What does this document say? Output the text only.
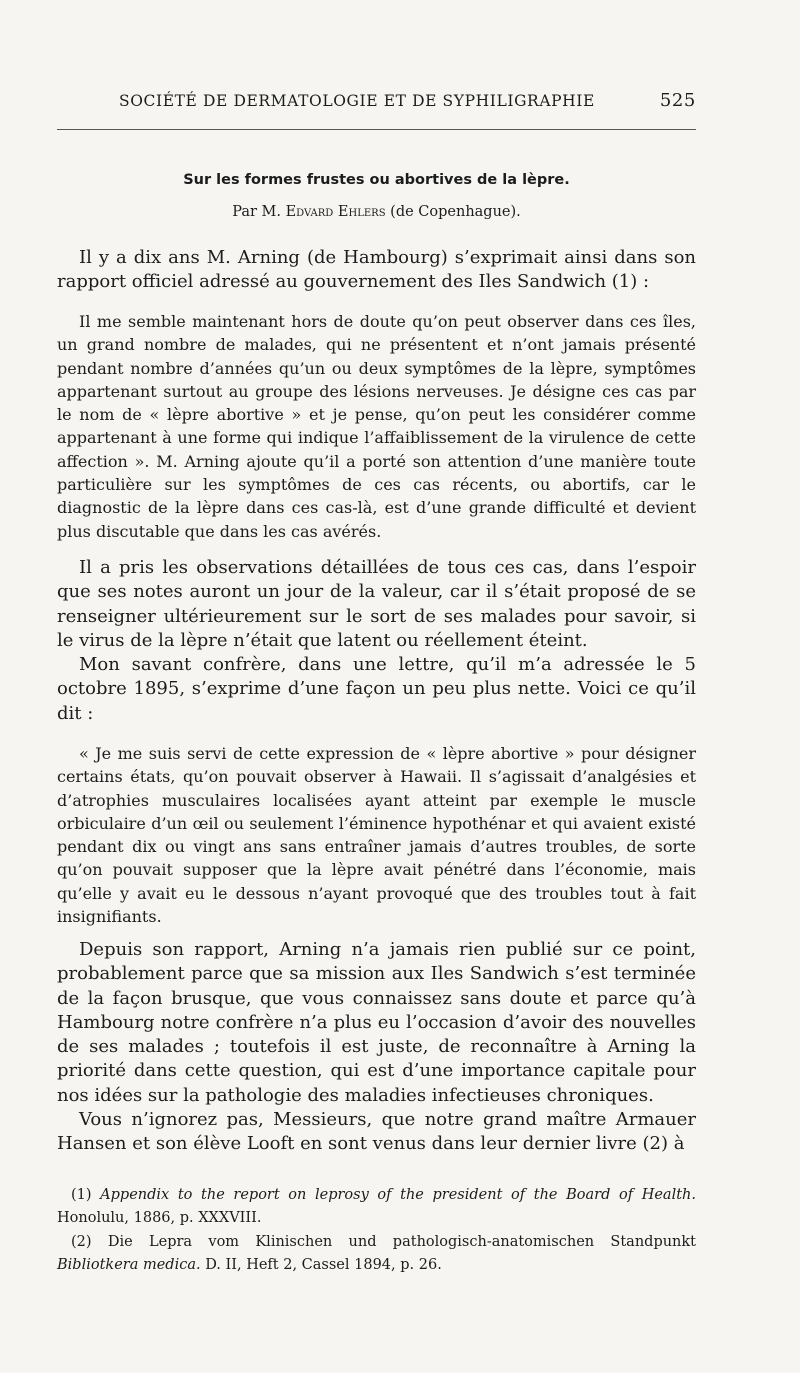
SOCIÉTÉ DE DERMATOLOGIE ET DE SYPHILIGRAPHIE	525
Sur les formes frustes ou abortives de la lèpre.
Par M. Edvard Ehlers (de Copenhague).

Il y a dix ans M. Arning (de Hambourg) s’exprimait ainsi dans son rapport officiel adressé au gouvernement des Iles Sandwich (1) :

Il me semble maintenant hors de doute qu’on peut observer dans ces îles, un grand nombre de malades, qui ne présentent et n’ont jamais présenté pendant nombre d’années qu’un ou deux symptômes de la lèpre, symptômes appartenant surtout au groupe des lésions nerveuses. Je désigne ces cas par le nom de « lèpre abortive » et je pense, qu’on peut les considérer comme appartenant à une forme qui indique l’affaiblissement de la virulence de cette affection ». M. Arning ajoute qu’il a porté son attention d’une manière toute particulière sur les symptômes de ces cas récents, ou abortifs, car le diagnostic de la lèpre dans ces cas-là, est d’une grande difficulté et devient plus discutable que dans les cas avérés.

Il a pris les observations détaillées de tous ces cas, dans l’espoir que ses notes auront un jour de la valeur, car il s’était proposé de se renseigner ultérieurement sur le sort de ses malades pour savoir, si le virus de la lèpre n’était que latent ou réellement éteint.

Mon savant confrère, dans une lettre, qu’il m’a adressée le 5 octobre 1895, s’exprime d’une façon un peu plus nette. Voici ce qu’il dit :

« Je me suis servi de cette expression de « lèpre abortive » pour désigner certains états, qu’on pouvait observer à Hawaii. Il s’agissait d’analgésies et d’atrophies musculaires localisées ayant atteint par exemple le muscle orbiculaire d’un œil ou seulement l’éminence hypothénar et qui avaient existé pendant dix ou vingt ans sans entraîner jamais d’autres troubles, de sorte qu’on pouvait supposer que la lèpre avait pénétré dans l’économie, mais qu’elle y avait eu le dessous n’ayant provoqué que des troubles tout à fait insignifiants.

Depuis son rapport, Arning n’a jamais rien publié sur ce point, probablement parce que sa mission aux Iles Sandwich s’est terminée de la façon brusque, que vous connaissez sans doute et parce qu’à Hambourg notre confrère n’a plus eu l’occasion d’avoir des nouvelles de ses malades ; toutefois il est juste, de reconnaître à Arning la priorité dans cette question, qui est d’une importance capitale pour nos idées sur la pathologie des maladies infectieuses chroniques.

Vous n’ignorez pas, Messieurs, que notre grand maître Armauer Hansen et son élève Looft en sont venus dans leur dernier livre (2) à

(1) Appendix to the report on leprosy of the president of the Board of Health. Honolulu, 1886, p. XXXVIII.

(2) Die Lepra vom Klinischen und pathologisch-anatomischen Standpunkt Bibliotkera medica. D. II, Heft 2, Cassel 1894, p. 26.
